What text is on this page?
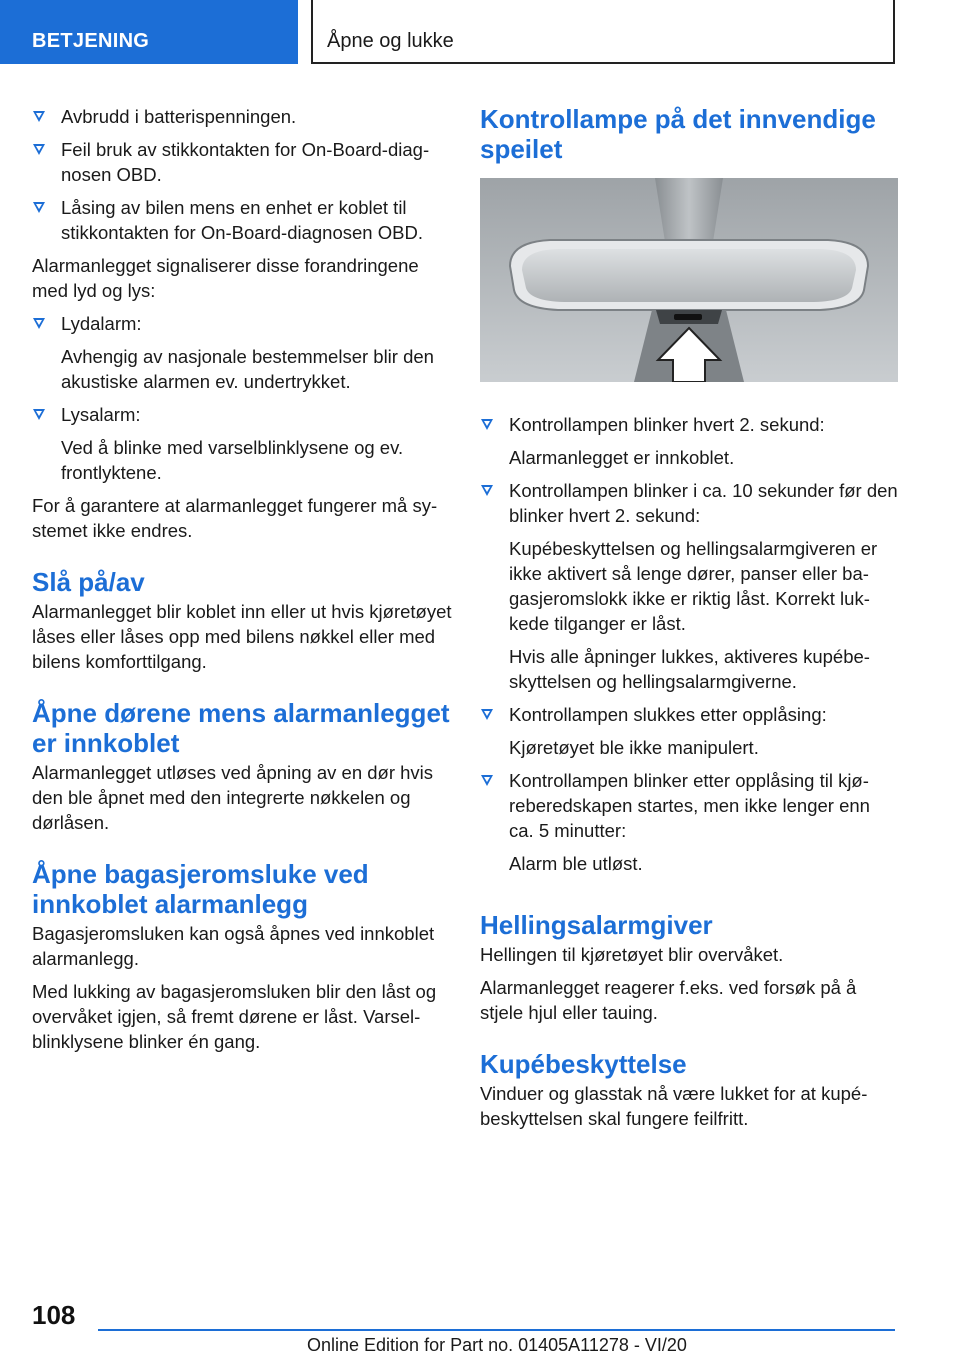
BETJENING	Åpne og lukke
Avbrudd i batterispenningen.
Feil bruk av stikkontakten for On-Board-diagnosen OBD.
Låsing av bilen mens en enhet er koblet til stikkontakten for On-Board-diagnosen OBD.

Alarmanlegget signaliserer disse forandringene med lyd og lys:

Lydalarm:

Avhengig av nasjonale bestemmelser blir den akustiske alarmen ev. undertrykket.

Lysalarm:

Ved å blinke med varselblinklysene og ev. frontlyktene.

For å garantere at alarmanlegget fungerer må systemet ikke endres.

Slå på/av

Alarmanlegget blir koblet inn eller ut hvis kjøretøyet låses eller låses opp med bilens nøkkel eller med bilens komforttilgang.

Åpne dørene mens alarmanlegget er innkoblet

Alarmanlegget utløses ved åpning av en dør hvis den ble åpnet med den integrerte nøkkelen og dørlåsen.

Åpne bagasjeromsluke ved innkoblet alarmanlegg

Bagasjeromsluken kan også åpnes ved innkoblet alarmanlegg.

Med lukking av bagasjeromsluken blir den låst og overvåket igjen, så fremt dørene er låst. Varselblinklysene blinker én gang.

Kontrollampe på det innvendige speilet
Kontrollampen blinker hvert 2. sekund:

Alarmanlegget er innkoblet.

Kontrollampen blinker i ca. 10 sekunder før den blinker hvert 2. sekund:

Kupébeskyttelsen og hellingsalarmgiveren er ikke aktivert så lenge dører, panser eller bagasjeromslokk ikke er riktig låst. Korrekt lukkede tilganger er låst.

Hvis alle åpninger lukkes, aktiveres kupébeskyttelsen og hellingsalarmgiverne.

Kontrollampen slukkes etter opplåsing:

Kjøretøyet ble ikke manipulert.

Kontrollampen blinker etter opplåsing til kjøreberedskapen startes, men ikke lenger enn ca. 5 minutter:

Alarm ble utløst.

Hellingsalarmgiver

Hellingen til kjøretøyet blir overvåket.

Alarmanlegget reagerer f.eks. ved forsøk på å stjele hjul eller tauing.

Kupébeskyttelse

Vinduer og glasstak nå være lukket for at kupébeskyttelsen skal fungere feilfritt.

108
Online Edition for Part no. 01405A11278 - VI/20
